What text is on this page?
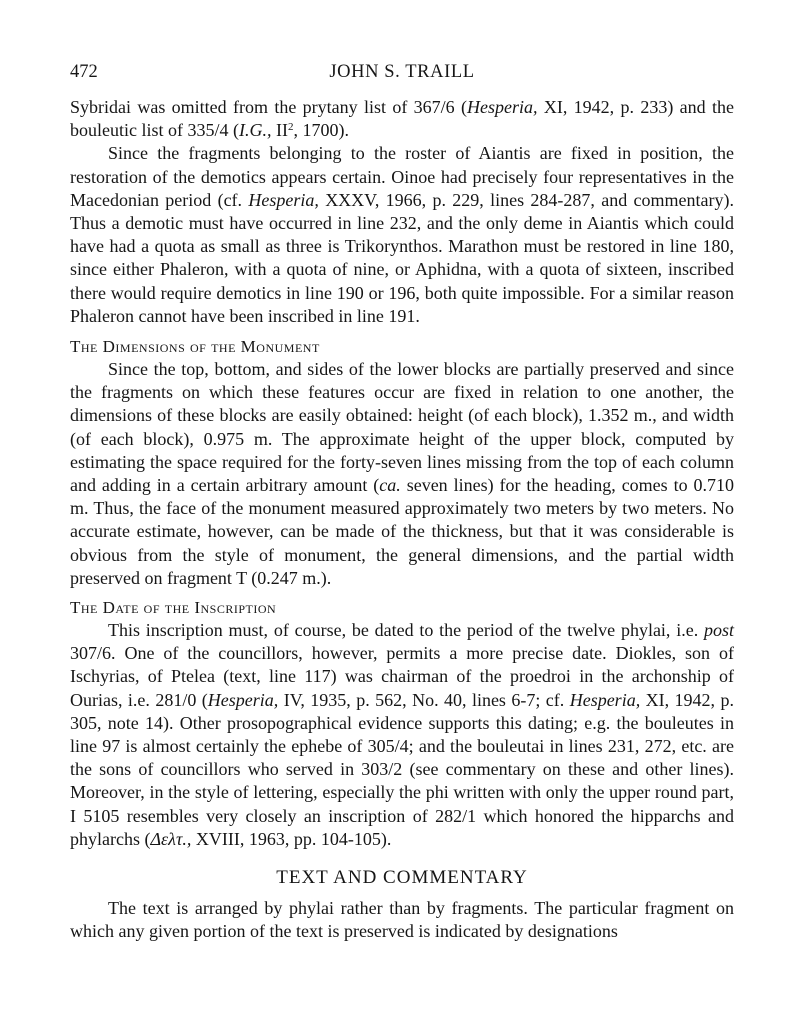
472	JOHN S. TRAILL

Sybridai was omitted from the prytany list of 367/6 (Hesperia, XI, 1942, p. 233) and the bouleutic list of 335/4 (I.G., $II^2$, 1700).

Since the fragments belonging to the roster of Aiantis are fixed in position, the restoration of the demotics appears certain. Oinoe had precisely four representatives in the Macedonian period (cf. Hesperia, XXXV, 1966, p. 229, lines 284-287, and commentary). Thus a demotic must have occurred in line 232, and the only deme in Aiantis which could have had a quota as small as three is Trikorynthos. Marathon must be restored in line 180, since either Phaleron, with a quota of nine, or Aphidna, with a quota of sixteen, inscribed there would require demotics in line 190 or 196, both quite impossible. For a similar reason Phaleron cannot have been inscribed in line 191.

The Dimensions of the Monument

Since the top, bottom, and sides of the lower blocks are partially preserved and since the fragments on which these features occur are fixed in relation to one another, the dimensions of these blocks are easily obtained: height (of each block), 1.352 m., and width (of each block), 0.975 m. The approximate height of the upper block, computed by estimating the space required for the forty-seven lines missing from the top of each column and adding in a certain arbitrary amount (ca. seven lines) for the heading, comes to 0.710 m. Thus, the face of the monument measured approximately two meters by two meters. No accurate estimate, however, can be made of the thickness, but that it was considerable is obvious from the style of monument, the general dimensions, and the partial width preserved on fragment T (0.247 m.).

The Date of the Inscription

This inscription must, of course, be dated to the period of the twelve phylai, i.e. post 307/6. One of the councillors, however, permits a more precise date. Diokles, son of Ischyrias, of Ptelea (text, line 117) was chairman of the proedroi in the archonship of Ourias, i.e. 281/0 (Hesperia, IV, 1935, p. 562, No. 40, lines 6-7; cf. Hesperia, XI, 1942, p. 305, note 14). Other prosopographical evidence supports this dating; e.g. the bouleutes in line 97 is almost certainly the ephebe of 305/4; and the bouleutai in lines 231, 272, etc. are the sons of councillors who served in 303/2 (see commentary on these and other lines). Moreover, in the style of lettering, especially the phi written with only the upper round part, I 5105 resembles very closely an inscription of 282/1 which honored the hipparchs and phylarchs (Δελτ., XVIII, 1963, pp. 104-105).

TEXT AND COMMENTARY

The text is arranged by phylai rather than by fragments. The particular fragment on which any given portion of the text is preserved is indicated by designations
